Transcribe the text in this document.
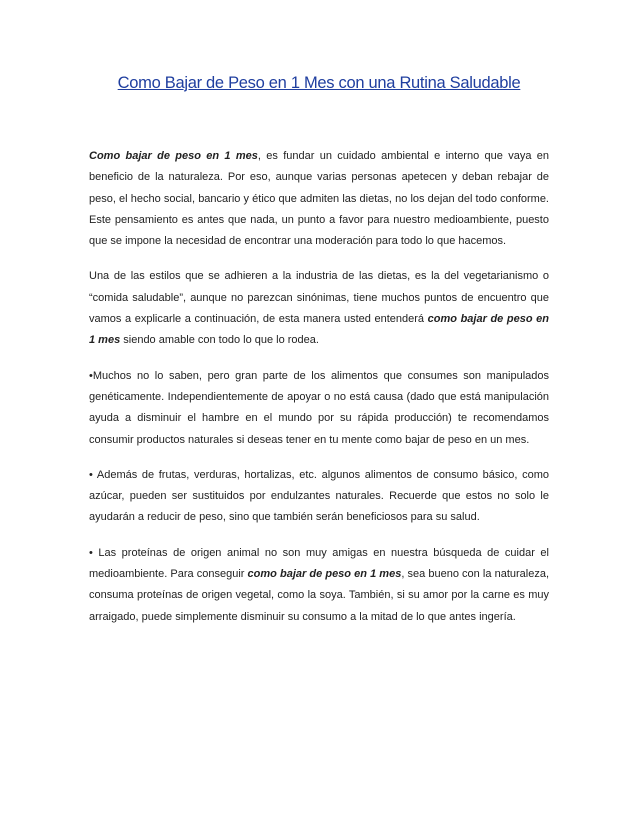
Como Bajar de Peso en 1 Mes con una Rutina Saludable

Como bajar de peso en 1 mes, es fundar un cuidado ambiental e interno que vaya en beneficio de la naturaleza. Por eso, aunque varias personas apetecen y deban rebajar de peso, el hecho social, bancario y ético que admiten las dietas, no los dejan del todo conforme. Este pensamiento es antes que nada, un punto a favor para nuestro medioambiente, puesto que se impone la necesidad de encontrar una moderación para todo lo que hacemos.

Una de las estilos que se adhieren a la industria de las dietas, es la del vegetarianismo o “comida saludable”, aunque no parezcan sinónimas, tiene muchos puntos de encuentro que vamos a explicarle a continuación, de esta manera usted entenderá como bajar de peso en 1 mes siendo amable con todo lo que lo rodea.

•Muchos no lo saben, pero gran parte de los alimentos que consumes son manipulados genéticamente. Independientemente de apoyar o no está causa (dado que está manipulación ayuda a disminuir el hambre en el mundo por su rápida producción) te recomendamos consumir productos naturales si deseas tener en tu mente como bajar de peso en un mes.

• Además de frutas, verduras, hortalizas, etc. algunos alimentos de consumo básico, como azúcar, pueden ser sustituidos por endulzantes naturales. Recuerde que estos no solo le ayudarán a reducir de peso, sino que también serán beneficiosos para su salud.

• Las proteínas de origen animal no son muy amigas en nuestra búsqueda de cuidar el medioambiente. Para conseguir como bajar de peso en 1 mes, sea bueno con la naturaleza, consuma proteínas de origen vegetal, como la soya. También, si su amor por la carne es muy arraigado, puede simplemente disminuir su consumo a la mitad de lo que antes ingería.
